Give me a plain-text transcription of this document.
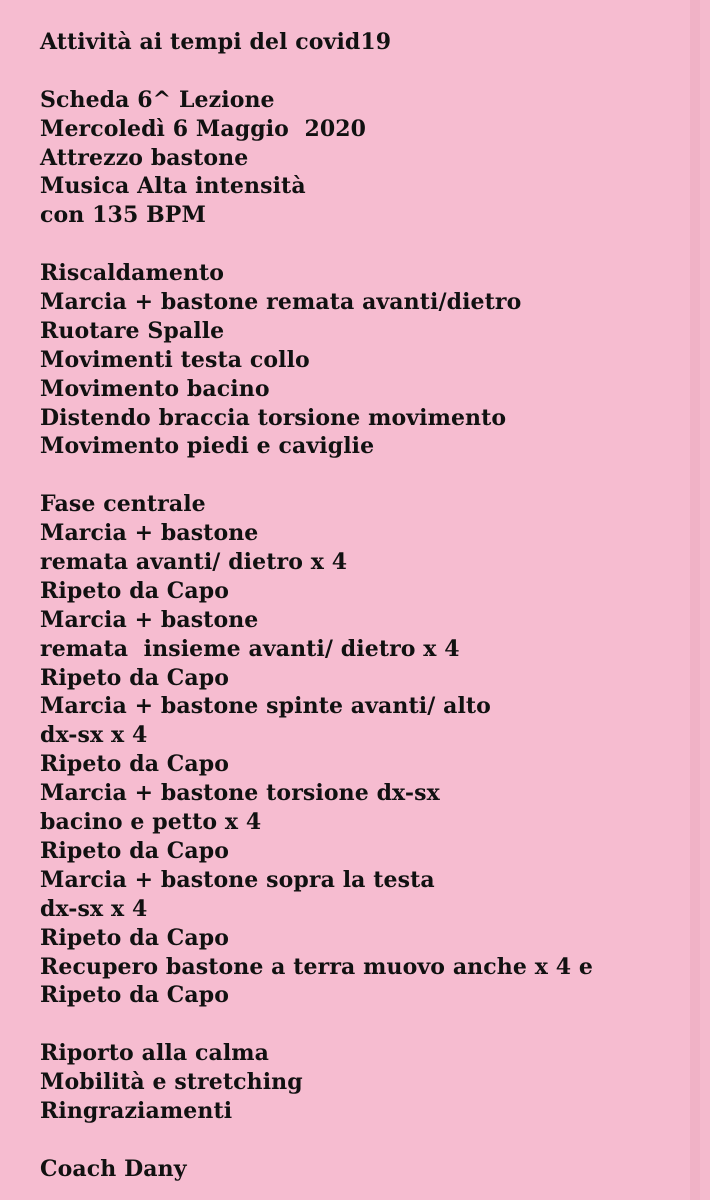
Attività ai tempi del covid19
Scheda 6^ Lezione
Mercoledì 6 Maggio  2020
Attrezzo bastone
Musica Alta intensità
con 135 BPM
Riscaldamento
Marcia + bastone remata avanti/dietro
Ruotare Spalle
Movimenti testa collo
Movimento bacino
Distendo braccia torsione movimento
Movimento piedi e caviglie
Fase centrale
Marcia + bastone
remata avanti/ dietro x 4
Ripeto da Capo
Marcia + bastone
remata  insieme avanti/ dietro x 4
Ripeto da Capo
Marcia + bastone spinte avanti/ alto
dx-sx x 4
Ripeto da Capo
Marcia + bastone torsione dx-sx
bacino e petto x 4
Ripeto da Capo
Marcia + bastone sopra la testa
dx-sx x 4
Ripeto da Capo
Recupero bastone a terra muovo anche x 4 e
Ripeto da Capo
Riporto alla calma
Mobilità e stretching
Ringraziamenti
Coach Dany
